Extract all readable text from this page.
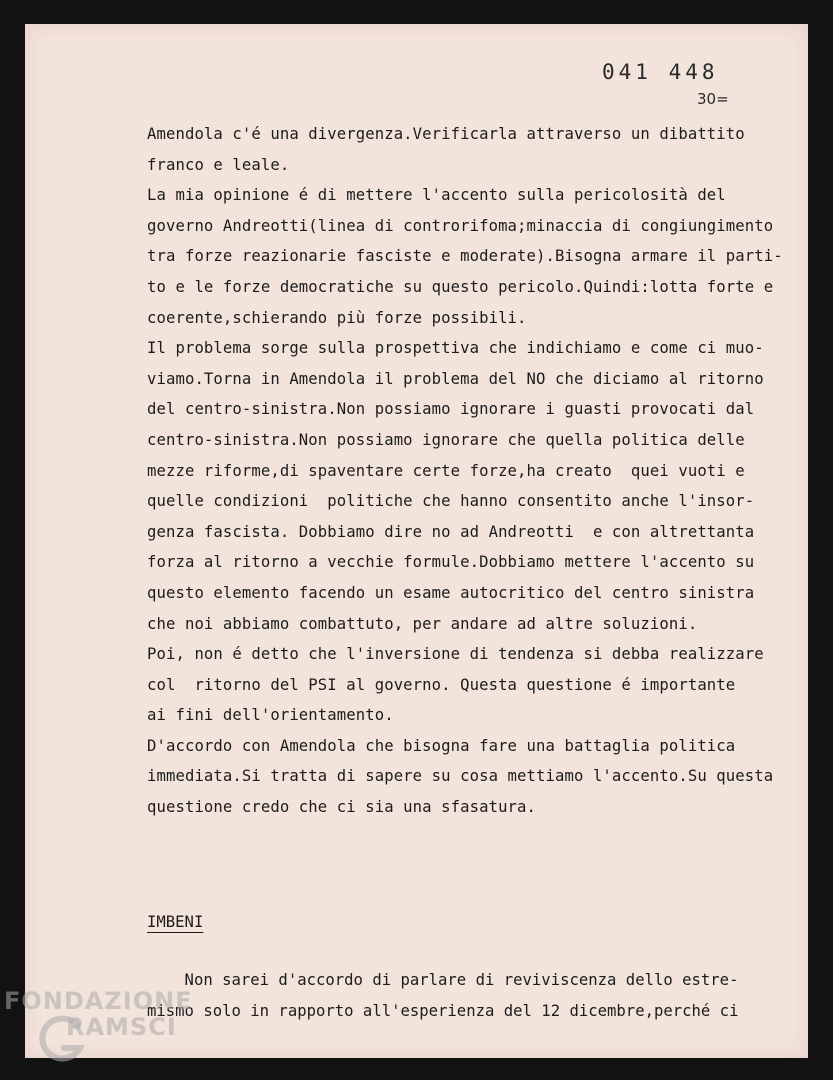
041 448
30=
Amendola c'é una divergenza.Verificarla attraverso un dibattito
franco e leale.
La mia opinione é di mettere l'accento sulla pericolosità del
governo Andreotti(linea di controrifoma;minaccia di congiungimento
tra forze reazionarie fasciste e moderate).Bisogna armare il parti-
to e le forze democratiche su questo pericolo.Quindi:lotta forte e
coerente,schierando più forze possibili.
Il problema sorge sulla prospettiva che indichiamo e come ci muo-
viamo.Torna in Amendola il problema del NO che diciamo al ritorno
del centro-sinistra.Non possiamo ignorare i guasti provocati dal
centro-sinistra.Non possiamo ignorare che quella politica delle
mezze riforme,di spaventare certe forze,ha creato  quei vuoti e
quelle condizioni  politiche che hanno consentito anche l'insor-
genza fascista. Dobbiamo dire no ad Andreotti  e con altrettanta
forza al ritorno a vecchie formule.Dobbiamo mettere l'accento su
questo elemento facendo un esame autocritico del centro sinistra
che noi abbiamo combattuto, per andare ad altre soluzioni.
Poi, non é detto che l'inversione di tendenza si debba realizzare
col  ritorno del PSI al governo. Questa questione é importante
ai fini dell'orientamento.
D'accordo con Amendola che bisogna fare una battaglia politica
immediata.Si tratta di sapere su cosa mettiamo l'accento.Su questa
questione credo che ci sia una sfasatura.
IMBENI
Non sarei d'accordo di parlare di reviviscenza dello estre-
mismo solo in rapporto all'esperienza del 12 dicembre,perché ci
FONDAZIONE
RAMSCI
